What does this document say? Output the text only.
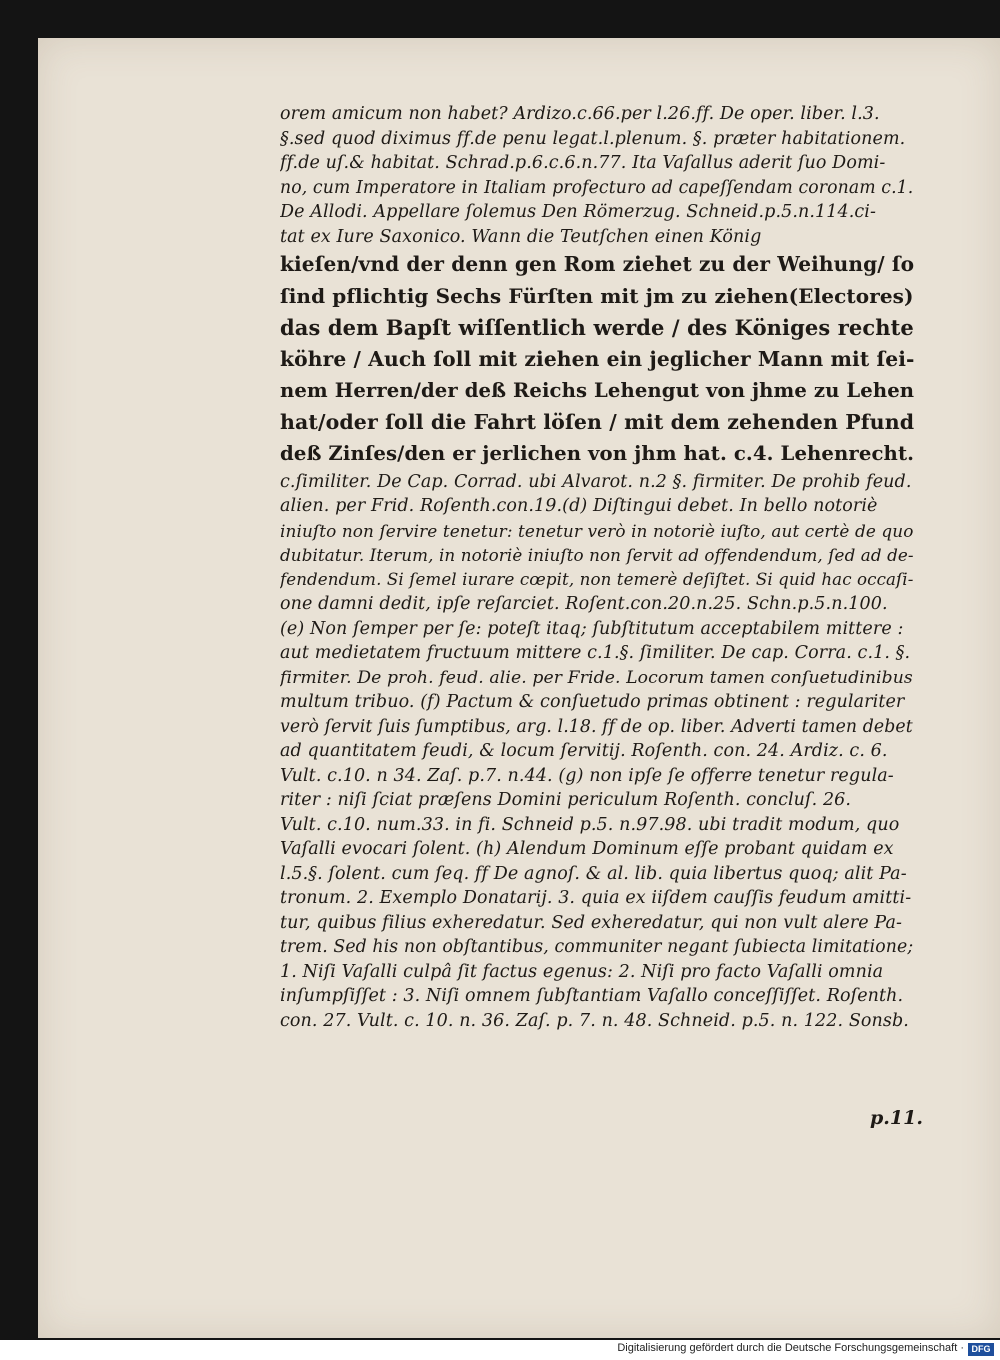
orem amicum non habet? Ardizo.c.66.per l.26.ff. De oper. liber. l.3.
§.sed quod diximus ff.de penu legat.l.plenum. §. præter habitationem.
ff.de uſ.& habitat. Schrad.p.6.c.6.n.77. Ita Vaſallus aderit ſuo Domi-
no, cum Imperatore in Italiam profecturo ad capeſſendam coronam c.1.
De Allodi. Appellare ſolemus Den Römerzug. Schneid.p.5.n.114.ci-
tat ex Iure Saxonico. Wann die Teutſchen einen König
kieſen/vnd der denn gen Rom ziehet zu der Weihung/ ſo
ſind pflichtig Sechs Fürſten mit jm zu ziehen(Electores)
das dem Bapſt wiſſentlich werde / des Königes rechte
köhre / Auch ſoll mit ziehen ein jeglicher Mann mit ſei-
nem Herren/der deß Reichs Lehengut von jhme zu Lehen
hat/oder ſoll die Fahrt löſen / mit dem zehenden Pfund
deß Zinſes/den er jerlichen von jhm hat. c.4. Lehenrecht.
c.ſimiliter. De Cap. Corrad. ubi Alvarot. n.2 §. firmiter. De prohib feud.
alien. per Frid. Roſenth.con.19.(d) Diſtingui debet. In bello notoriè
iniuſto non ſervire tenetur: tenetur verò in notoriè iuſto, aut certè de quo
dubitatur. Iterum, in notoriè iniuſto non ſervit ad offendendum, ſed ad de-
fendendum. Si ſemel iurare cœpit, non temerè deſiſtet. Si quid hac occaſi-
one damni dedit, ipſe reſarciet. Roſent.con.20.n.25. Schn.p.5.n.100.
(e) Non ſemper per ſe: poteſt itaq; ſubſtitutum acceptabilem mittere :
aut medietatem fructuum mittere c.1.§. ſimiliter. De cap. Corra. c.1. §.
firmiter. De proh. feud. alie. per Fride. Locorum tamen conſuetudinibus
multum tribuo. (f) Pactum & conſuetudo primas obtinent : regulariter
verò ſervit ſuis ſumptibus, arg. l.18. ff de op. liber. Adverti tamen debet
ad quantitatem feudi, & locum ſervitij. Roſenth. con. 24. Ardiz. c. 6.
Vult. c.10. n 34. Zaſ. p.7. n.44. (g) non ipſe ſe offerre tenetur regula-
riter : niſi ſciat præſens Domini periculum Roſenth. concluſ. 26.
Vult. c.10. num.33. in fi. Schneid p.5. n.97.98. ubi tradit modum, quo
Vaſalli evocari ſolent. (h) Alendum Dominum eſſe probant quidam ex
l.5.§. ſolent. cum ſeq. ff De agnoſ. & al. lib. quia libertus quoq; alit Pa-
tronum. 2. Exemplo Donatarij. 3. quia ex iiſdem cauſſis feudum amitti-
tur, quibus filius exheredatur. Sed exheredatur, qui non vult alere Pa-
trem. Sed his non obſtantibus, communiter negant ſubiecta limitatione;
1. Niſi Vaſalli culpâ ſit factus egenus: 2. Niſi pro facto Vaſalli omnia
inſumpſiſſet : 3. Niſi omnem ſubſtantiam Vaſallo conceſſiſſet. Roſenth.
con. 27. Vult. c. 10. n. 36. Zaſ. p. 7. n. 48. Schneid. p.5. n. 122. Sonsb.
p.11.
Digitalisierung gefördert durch die Deutsche Forschungsgemeinschaft · DFG
